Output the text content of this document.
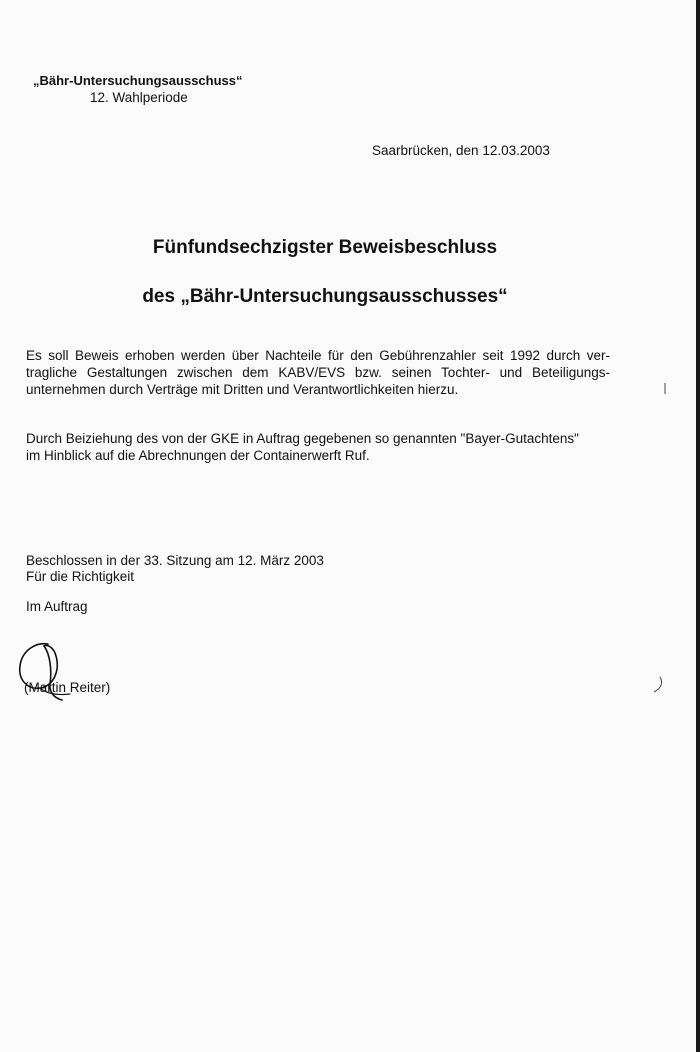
„Bähr-Untersuchungsausschuss“
12. Wahlperiode
Saarbrücken, den 12.03.2003
Fünfundsechzigster Beweisbeschluss
des „Bähr-Untersuchungsausschusses“
Es soll Beweis erhoben werden über Nachteile für den Gebührenzahler seit 1992 durch ver-
tragliche Gestaltungen zwischen dem KABV/EVS bzw. seinen Tochter- und Beteiligungs-
unternehmen durch Verträge mit Dritten und Verantwortlichkeiten hierzu.
Durch Beiziehung des von der GKE in Auftrag gegebenen so genannten "Bayer-Gutachtens"
im Hinblick auf die Abrechnungen der Containerwerft Ruf.
Beschlossen in der 33. Sitzung am 12. März 2003
Für die Richtigkeit
Im Auftrag
(Martin Reiter)
